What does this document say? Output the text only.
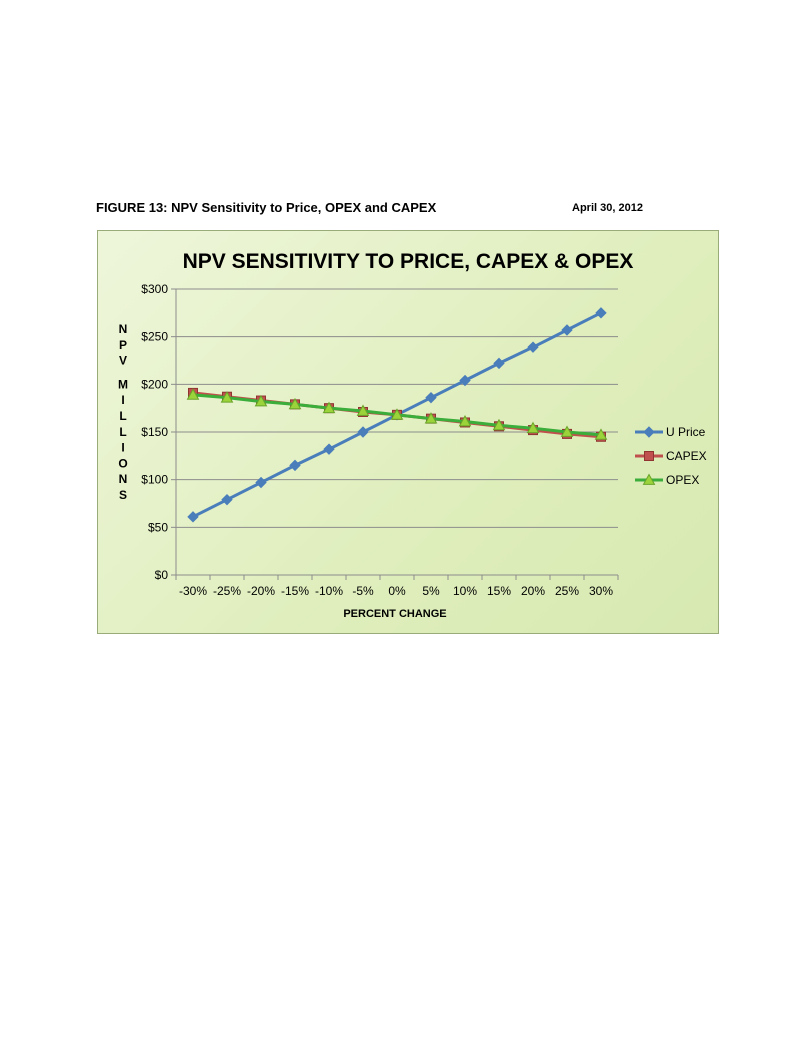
FIGURE 13: NPV Sensitivity to Price, OPEX and CAPEX	April 30, 2012
NPV SENSITIVITY TO PRICE, CAPEX & OPEX
$0
$50
$100
$150
$200
$250
$300
-30% -25% -20% -15% -10% -5% 0% 5% 10% 15% 20% 25% 30%
N
P
V
M
I
L
L
I
O
N
S
PERCENT CHANGE
U Price
CAPEX
OPEX
